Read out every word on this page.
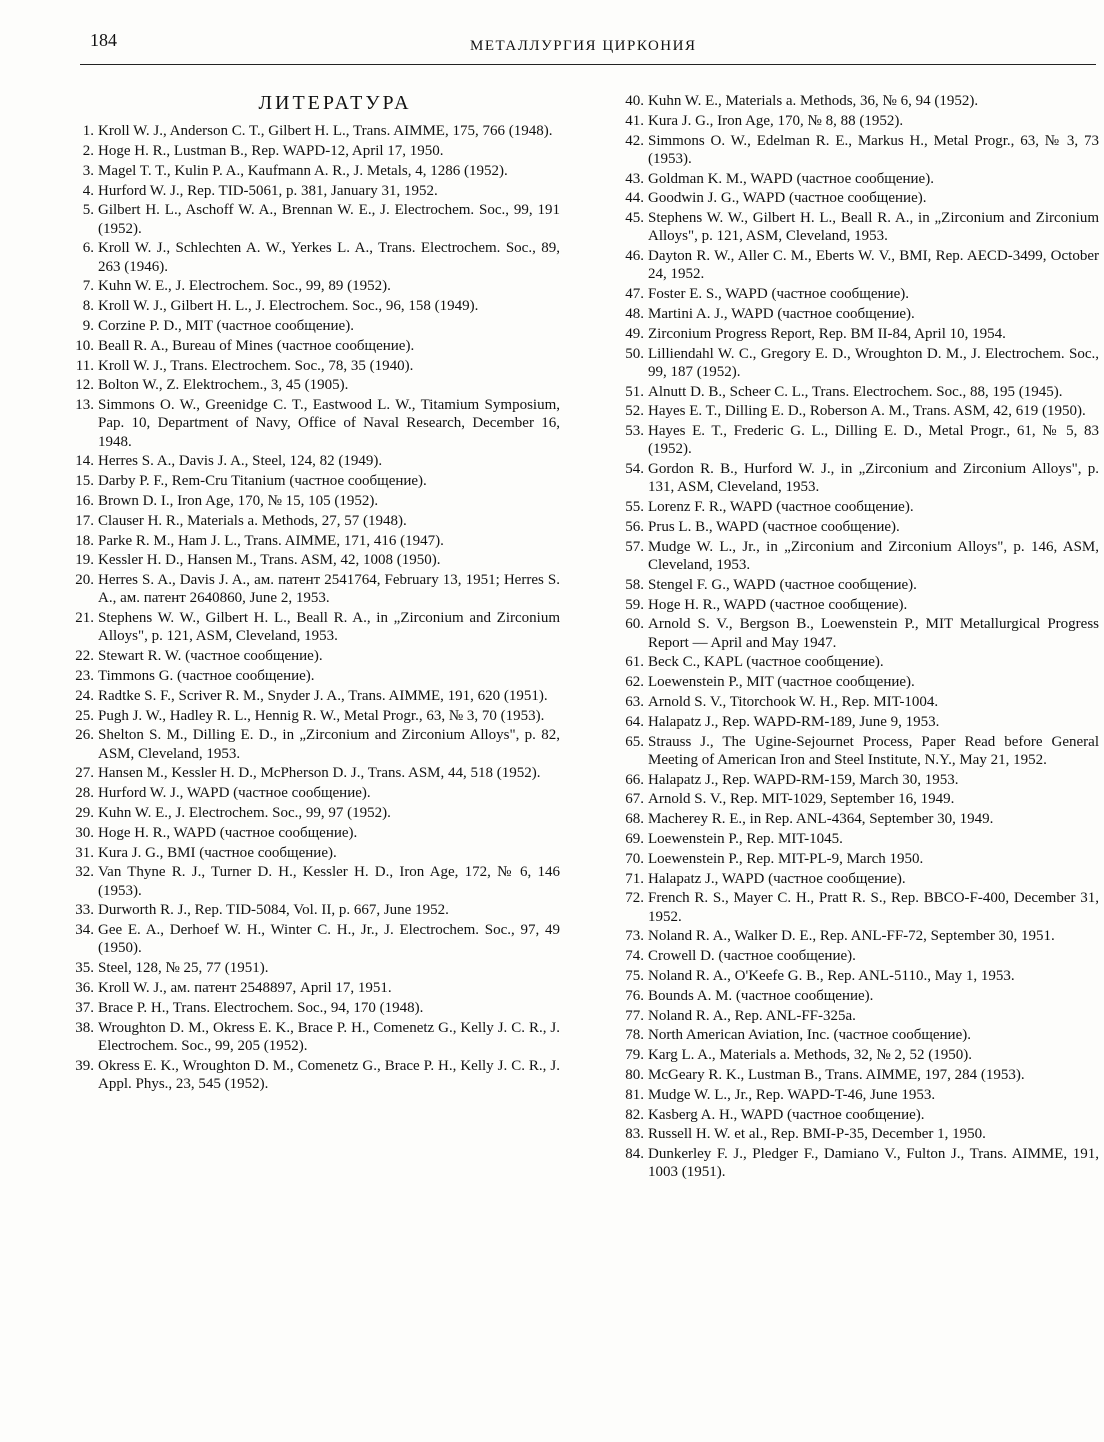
184	МЕТАЛЛУРГИЯ ЦИРКОНИЯ
ЛИТЕРАТУРА
1. Kroll W. J., Anderson C. T., Gilbert H. L., Trans. AIMME, 175, 766 (1948).
2. Hoge H. R., Lustman B., Rep. WAPD-12, April 17, 1950.
3. Magel T. T., Kulin P. A., Kaufmann A. R., J. Metals, 4, 1286 (1952).
4. Hurford W. J., Rep. TID-5061, p. 381, January 31, 1952.
5. Gilbert H. L., Aschoff W. A., Brennan W. E., J. Electrochem. Soc., 99, 191 (1952).
6. Kroll W. J., Schlechten A. W., Yerkes L. A., Trans. Electrochem. Soc., 89, 263 (1946).
7. Kuhn W. E., J. Electrochem. Soc., 99, 89 (1952).
8. Kroll W. J., Gilbert H. L., J. Electrochem. Soc., 96, 158 (1949).
9. Corzine P. D., MIT (частное сообщение).
10. Beall R. A., Bureau of Mines (частное сообщение).
11. Kroll W. J., Trans. Electrochem. Soc., 78, 35 (1940).
12. Bolton W., Z. Elektrochem., 3, 45 (1905).
13. Simmons O. W., Greenidge C. T., Eastwood L. W., Titamium Symposium, Pap. 10, Department of Navy, Office of Naval Research, December 16, 1948.
14. Herres S. A., Davis J. A., Steel, 124, 82 (1949).
15. Darby P. F., Rem-Cru Titanium (частное сообщение).
16. Brown D. I., Iron Age, 170, № 15, 105 (1952).
17. Clauser H. R., Materials a. Methods, 27, 57 (1948).
18. Parke R. M., Ham J. L., Trans. AIMME, 171, 416 (1947).
19. Kessler H. D., Hansen M., Trans. ASM, 42, 1008 (1950).
20. Herres S. A., Davis J. A., ам. патент 2541764, February 13, 1951; Herres S. A., ам. патент 2640860, June 2, 1953.
21. Stephens W. W., Gilbert H. L., Beall R. A., in „Zirconium and Zirconium Alloys", p. 121, ASM, Cleveland, 1953.
22. Stewart R. W. (частное сообщение).
23. Timmons G. (частное сообщение).
24. Radtke S. F., Scriver R. M., Snyder J. A., Trans. AIMME, 191, 620 (1951).
25. Pugh J. W., Hadley R. L., Hennig R. W., Metal Progr., 63, № 3, 70 (1953).
26. Shelton S. M., Dilling E. D., in „Zirconium and Zirconium Alloys", p. 82, ASM, Cleveland, 1953.
27. Hansen M., Kessler H. D., McPherson D. J., Trans. ASM, 44, 518 (1952).
28. Hurford W. J., WAPD (частное сообщение).
29. Kuhn W. E., J. Electrochem. Soc., 99, 97 (1952).
30. Hoge H. R., WAPD (частное сообщение).
31. Kura J. G., BMI (частное сообщение).
32. Van Thyne R. J., Turner D. H., Kessler H. D., Iron Age, 172, № 6, 146 (1953).
33. Durworth R. J., Rep. TID-5084, Vol. II, p. 667, June 1952.
34. Gee E. A., Derhoef W. H., Winter C. H., Jr., J. Electrochem. Soc., 97, 49 (1950).
35. Steel, 128, № 25, 77 (1951).
36. Kroll W. J., ам. патент 2548897, April 17, 1951.
37. Brace P. H., Trans. Electrochem. Soc., 94, 170 (1948).
38. Wroughton D. M., Okress E. K., Brace P. H., Comenetz G., Kelly J. C. R., J. Electrochem. Soc., 99, 205 (1952).
39. Okress E. K., Wroughton D. M., Comenetz G., Brace P. H., Kelly J. C. R., J. Appl. Phys., 23, 545 (1952).
40. Kuhn W. E., Materials a. Methods, 36, № 6, 94 (1952).
41. Kura J. G., Iron Age, 170, № 8, 88 (1952).
42. Simmons O. W., Edelman R. E., Markus H., Metal Progr., 63, № 3, 73 (1953).
43. Goldman K. M., WAPD (частное сообщение).
44. Goodwin J. G., WAPD (частное сообщение).
45. Stephens W. W., Gilbert H. L., Beall R. A., in „Zirconium and Zirconium Alloys", p. 121, ASM, Cleveland, 1953.
46. Dayton R. W., Aller C. M., Eberts W. V., BMI, Rep. AECD-3499, October 24, 1952.
47. Foster E. S., WAPD (частное сообщение).
48. Martini A. J., WAPD (частное сообщение).
49. Zirconium Progress Report, Rep. BM II-84, April 10, 1954.
50. Lilliendahl W. C., Gregory E. D., Wroughton D. M., J. Electrochem. Soc., 99, 187 (1952).
51. Alnutt D. B., Scheer C. L., Trans. Electrochem. Soc., 88, 195 (1945).
52. Hayes E. T., Dilling E. D., Roberson A. M., Trans. ASM, 42, 619 (1950).
53. Hayes E. T., Frederic G. L., Dilling E. D., Metal Progr., 61, № 5, 83 (1952).
54. Gordon R. B., Hurford W. J., in „Zirconium and Zirconium Alloys", p. 131, ASM, Cleveland, 1953.
55. Lorenz F. R., WAPD (частное сообщение).
56. Prus L. B., WAPD (частное сообщение).
57. Mudge W. L., Jr., in „Zirconium and Zirconium Alloys", p. 146, ASM, Cleveland, 1953.
58. Stengel F. G., WAPD (частное сообщение).
59. Hoge H. R., WAPD (частное сообщение).
60. Arnold S. V., Bergson B., Loewenstein P., MIT Metallurgical Progress Report — April and May 1947.
61. Beck C., KAPL (частное сообщение).
62. Loewenstein P., MIT (частное сообщение).
63. Arnold S. V., Titorchook W. H., Rep. MIT-1004.
64. Halapatz J., Rep. WAPD-RM-189, June 9, 1953.
65. Strauss J., The Ugine-Sejournet Process, Paper Read before General Meeting of American Iron and Steel Institute, N.Y., May 21, 1952.
66. Halapatz J., Rep. WAPD-RM-159, March 30, 1953.
67. Arnold S. V., Rep. MIT-1029, September 16, 1949.
68. Macherey R. E., in Rep. ANL-4364, September 30, 1949.
69. Loewenstein P., Rep. MIT-1045.
70. Loewenstein P., Rep. MIT-PL-9, March 1950.
71. Halapatz J., WAPD (частное сообщение).
72. French R. S., Mayer C. H., Pratt R. S., Rep. BBCO-F-400, December 31, 1952.
73. Noland R. A., Walker D. E., Rep. ANL-FF-72, September 30, 1951.
74. Crowell D. (частное сообщение).
75. Noland R. A., O'Keefe G. B., Rep. ANL-5110., May 1, 1953.
76. Bounds A. M. (частное сообщение).
77. Noland R. A., Rep. ANL-FF-325a.
78. North American Aviation, Inc. (частное сообщение).
79. Karg L. A., Materials a. Methods, 32, № 2, 52 (1950).
80. McGeary R. K., Lustman B., Trans. AIMME, 197, 284 (1953).
81. Mudge W. L., Jr., Rep. WAPD-T-46, June 1953.
82. Kasberg A. H., WAPD (частное сообщение).
83. Russell H. W. et al., Rep. BMI-P-35, December 1, 1950.
84. Dunkerley F. J., Pledger F., Damiano V., Fulton J., Trans. AIMME, 191, 1003 (1951).
